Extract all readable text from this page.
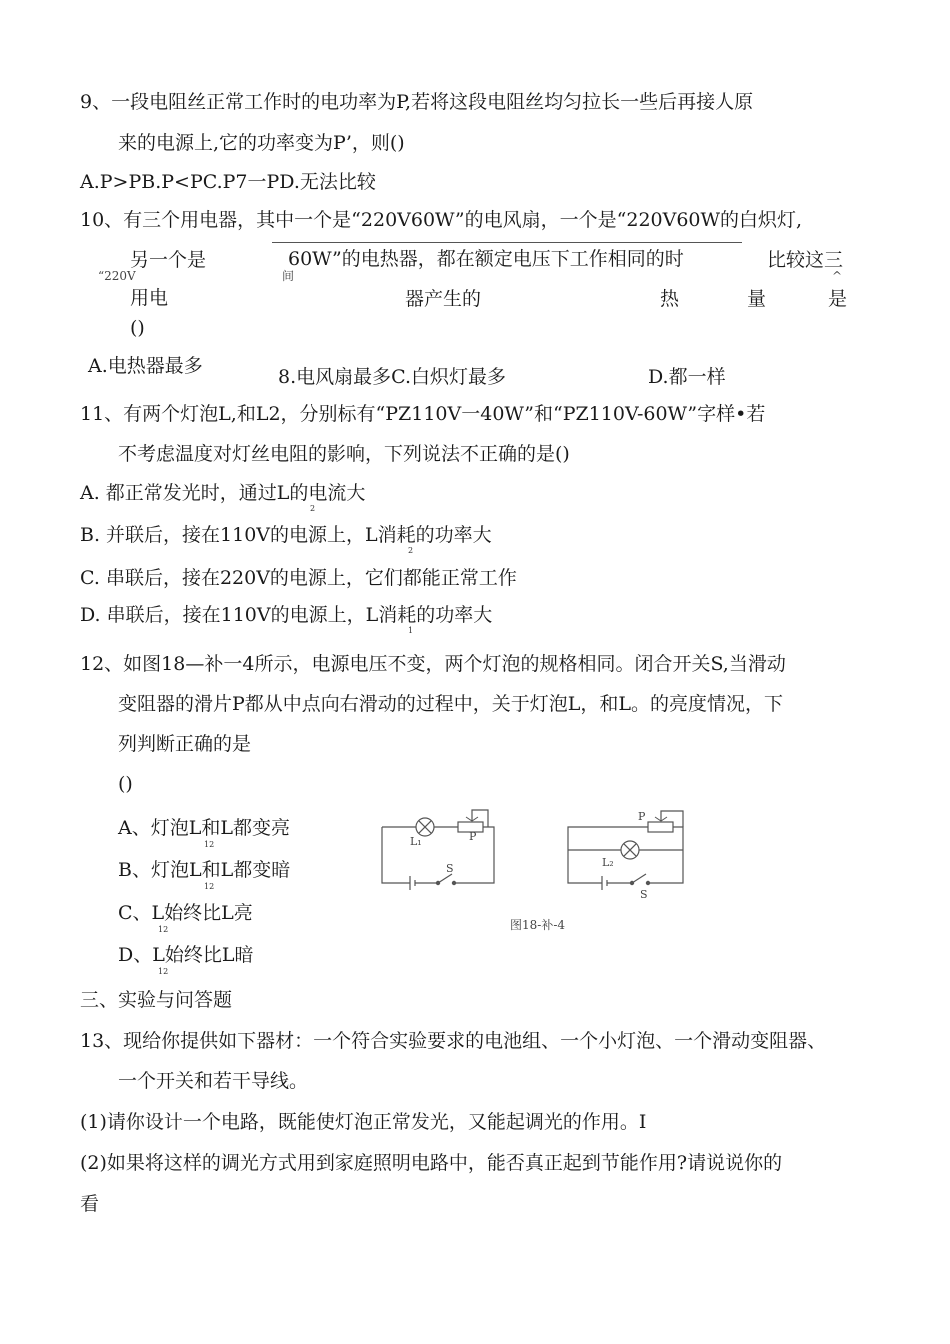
9、一段电阻丝正常工作时的电功率为P,若将这段电阻丝均匀拉长一些后再接人原
来的电源上,它的功率变为P’，则()
A.P>PB.P<PC.P7一PD.无法比较
10、有三个用电器，其中一个是“220V60W”的电风扇，一个是“220V60W的白炽灯,
另一个是	60W”的电热器，都在额定电压下工作相同的时	比较这三
“220V	间	^
用电	器产生的	热	量	是
()
A.电热器最多	8.电风扇最多C.白炽灯最多	D.都一样
11、有两个灯泡L,和L2，分别标有“PZ110V一40W”和“PZ110V-60W”字样•若
不考虑温度对灯丝电阻的影响，下列说法不正确的是()
A. 都正常发光时，通过L的电流大
2
B. 并联后，接在110V的电源上，L消耗的功率大
2
C. 串联后，接在220V的电源上，它们都能正常工作
D. 串联后，接在110V的电源上，L消耗的功率大
1
12、如图18—补一4所示，电源电压不变，两个灯泡的规格相同。闭合开关S,当滑动
变阻器的滑片P都从中点向右滑动的过程中，关于灯泡L，和L。的亮度情况，下
列判断正确的是
()
A、灯泡L和L都变亮
12
B、灯泡L和L都变暗
12
C、L始终比L亮
12
D、L始终比L暗
12
L₁	P
S	L₂
P
S
图18-补-4
三、实验与问答题
13、现给你提供如下器材：一个符合实验要求的电池组、一个小灯泡、一个滑动变阻器、
一个开关和若干导线。
(1)请你设计一个电路，既能使灯泡正常发光，又能起调光的作用。I
(2)如果将这样的调光方式用到家庭照明电路中，能否真正起到节能作用?请说说你的
看
